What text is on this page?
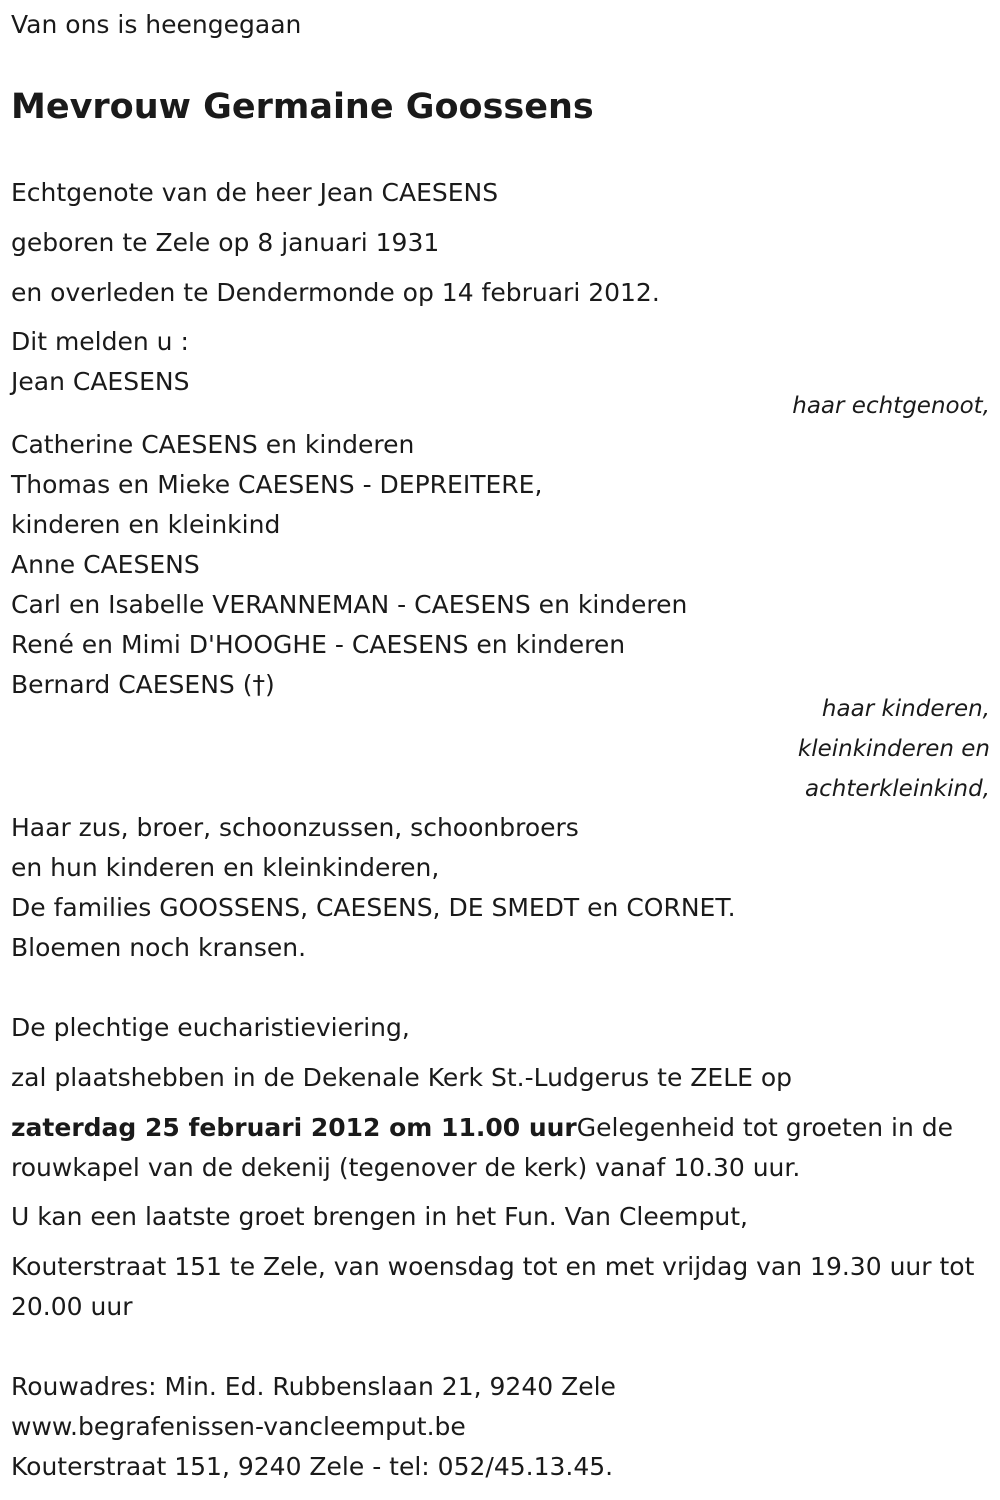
Van ons is heengegaan

Mevrouw Germaine Goossens

Echtgenote van de heer Jean CAESENS

geboren te Zele op 8 januari 1931

en overleden te Dendermonde op 14 februari 2012.

Dit melden u :

Jean CAESENS

haar echtgenoot,

Catherine CAESENS en kinderen

Thomas en Mieke CAESENS - DEPREITERE,

kinderen en kleinkind

Anne CAESENS

Carl en Isabelle VERANNEMAN - CAESENS en kinderen

René en Mimi D'HOOGHE - CAESENS en kinderen

Bernard CAESENS (†)

haar kinderen,
kleinkinderen en
achterkleinkind,

Haar zus, broer, schoonzussen, schoonbroers

en hun kinderen en kleinkinderen,

De families GOOSSENS, CAESENS, DE SMEDT en CORNET.

Bloemen noch kransen.

De plechtige eucharistieviering,

zal plaatshebben in de Dekenale Kerk St.-Ludgerus te ZELE op

zaterdag 25 februari 2012 om 11.00 uurGelegenheid tot groeten in de rouwkapel van de dekenij (tegenover de kerk) vanaf 10.30 uur.

U kan een laatste groet brengen in het Fun. Van Cleemput,

Kouterstraat 151 te Zele, van woensdag tot en met vrijdag van 19.30 uur tot 20.00 uur

Rouwadres: Min. Ed. Rubbenslaan 21, 9240 Zele

www.begrafenissen-vancleemput.be

Kouterstraat 151, 9240 Zele - tel: 052/45.13.45.
